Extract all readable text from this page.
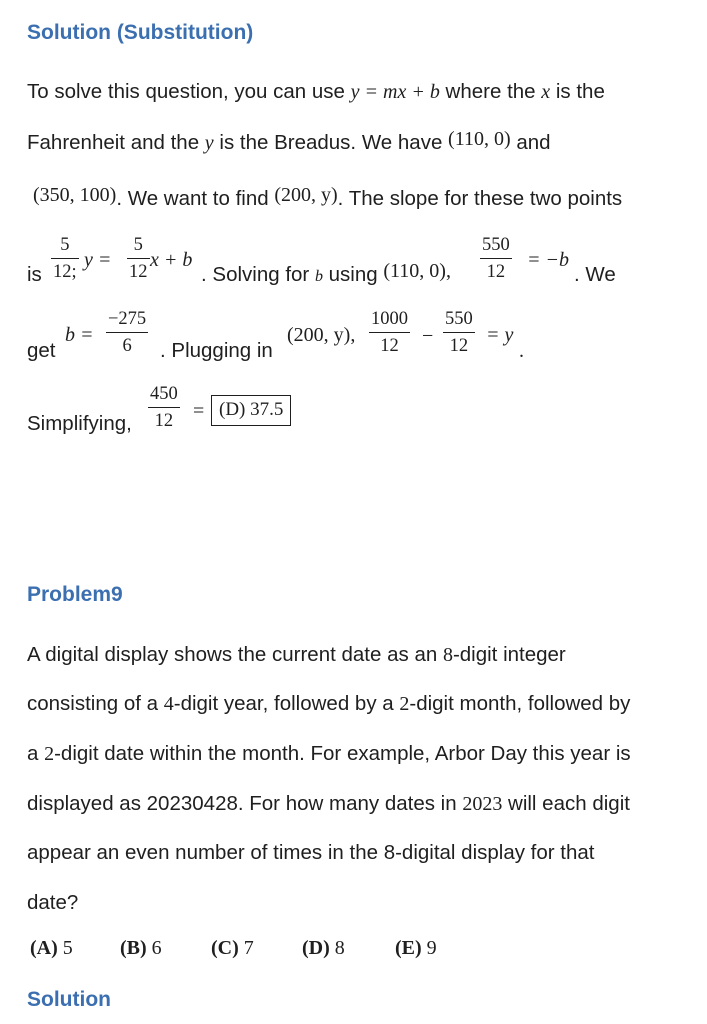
Solution (Substitution)
To solve this question, you can use y = mx + b where the x is the
Fahrenheit and the y is the Breadus. We have (110, 0) and
(350, 100). We want to find (200, y). The slope for these two points
is
5
12;
y =
5
12
x + b
. Solving for b using (110, 0),
550
12
= −b
. We
get
b =
−275
6 . Plugging in
(200, y),
1000
12 −
550
12 = y
.
Simplifying,
450
12 = (D) 37.5
Problem9
A digital display shows the current date as an 8-digit integer
consisting of a 4-digit year, followed by a 2-digit month, followed by
a 2-digit date within the month. For example, Arbor Day this year is
displayed as 20230428. For how many dates in 2023 will each digit
appear an even number of times in the 8-digital display for that
date?
(A) 5 (B) 6 (C) 7 (D) 8	(E) 9
Solution
